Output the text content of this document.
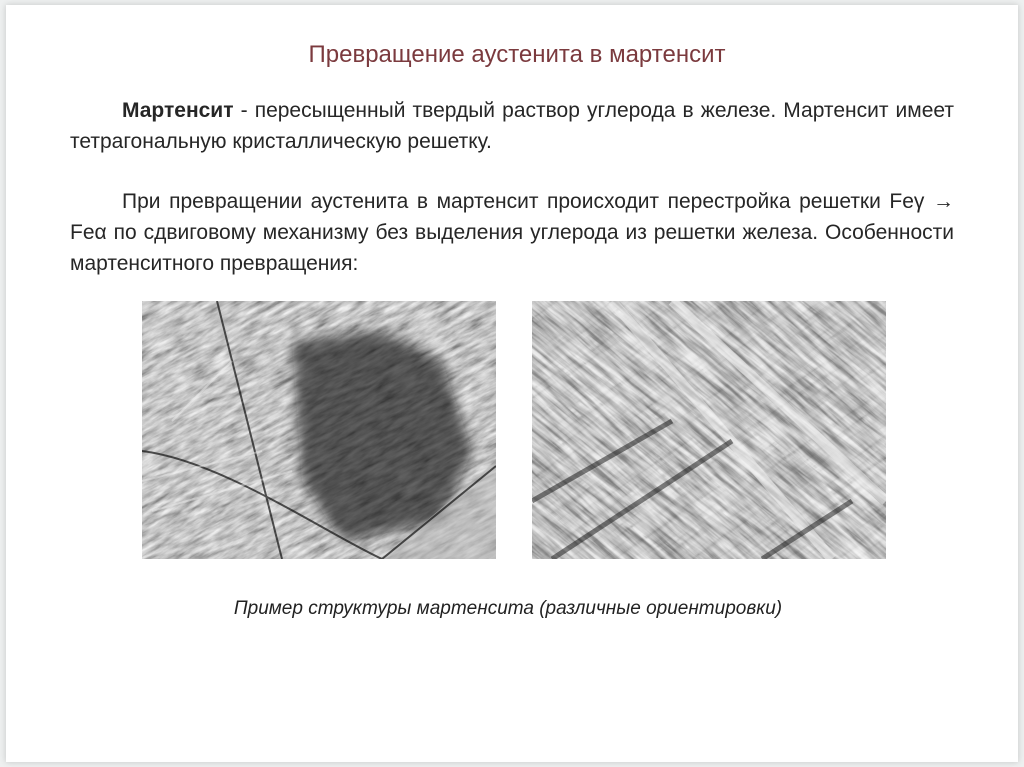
Превращение аустенита в мартенсит
Мартенсит - пересыщенный твердый раствор углерода в железе. Мартенсит имеет тетрагональную кристаллическую решетку.
При превращении аустенита в мартенсит происходит перестройка решетки Feγ → Feα по сдвиговому механизму без выделения углерода из решетки железа. Особенности мартенситного превращения:
Пример структуры мартенсита (различные ориентировки)
